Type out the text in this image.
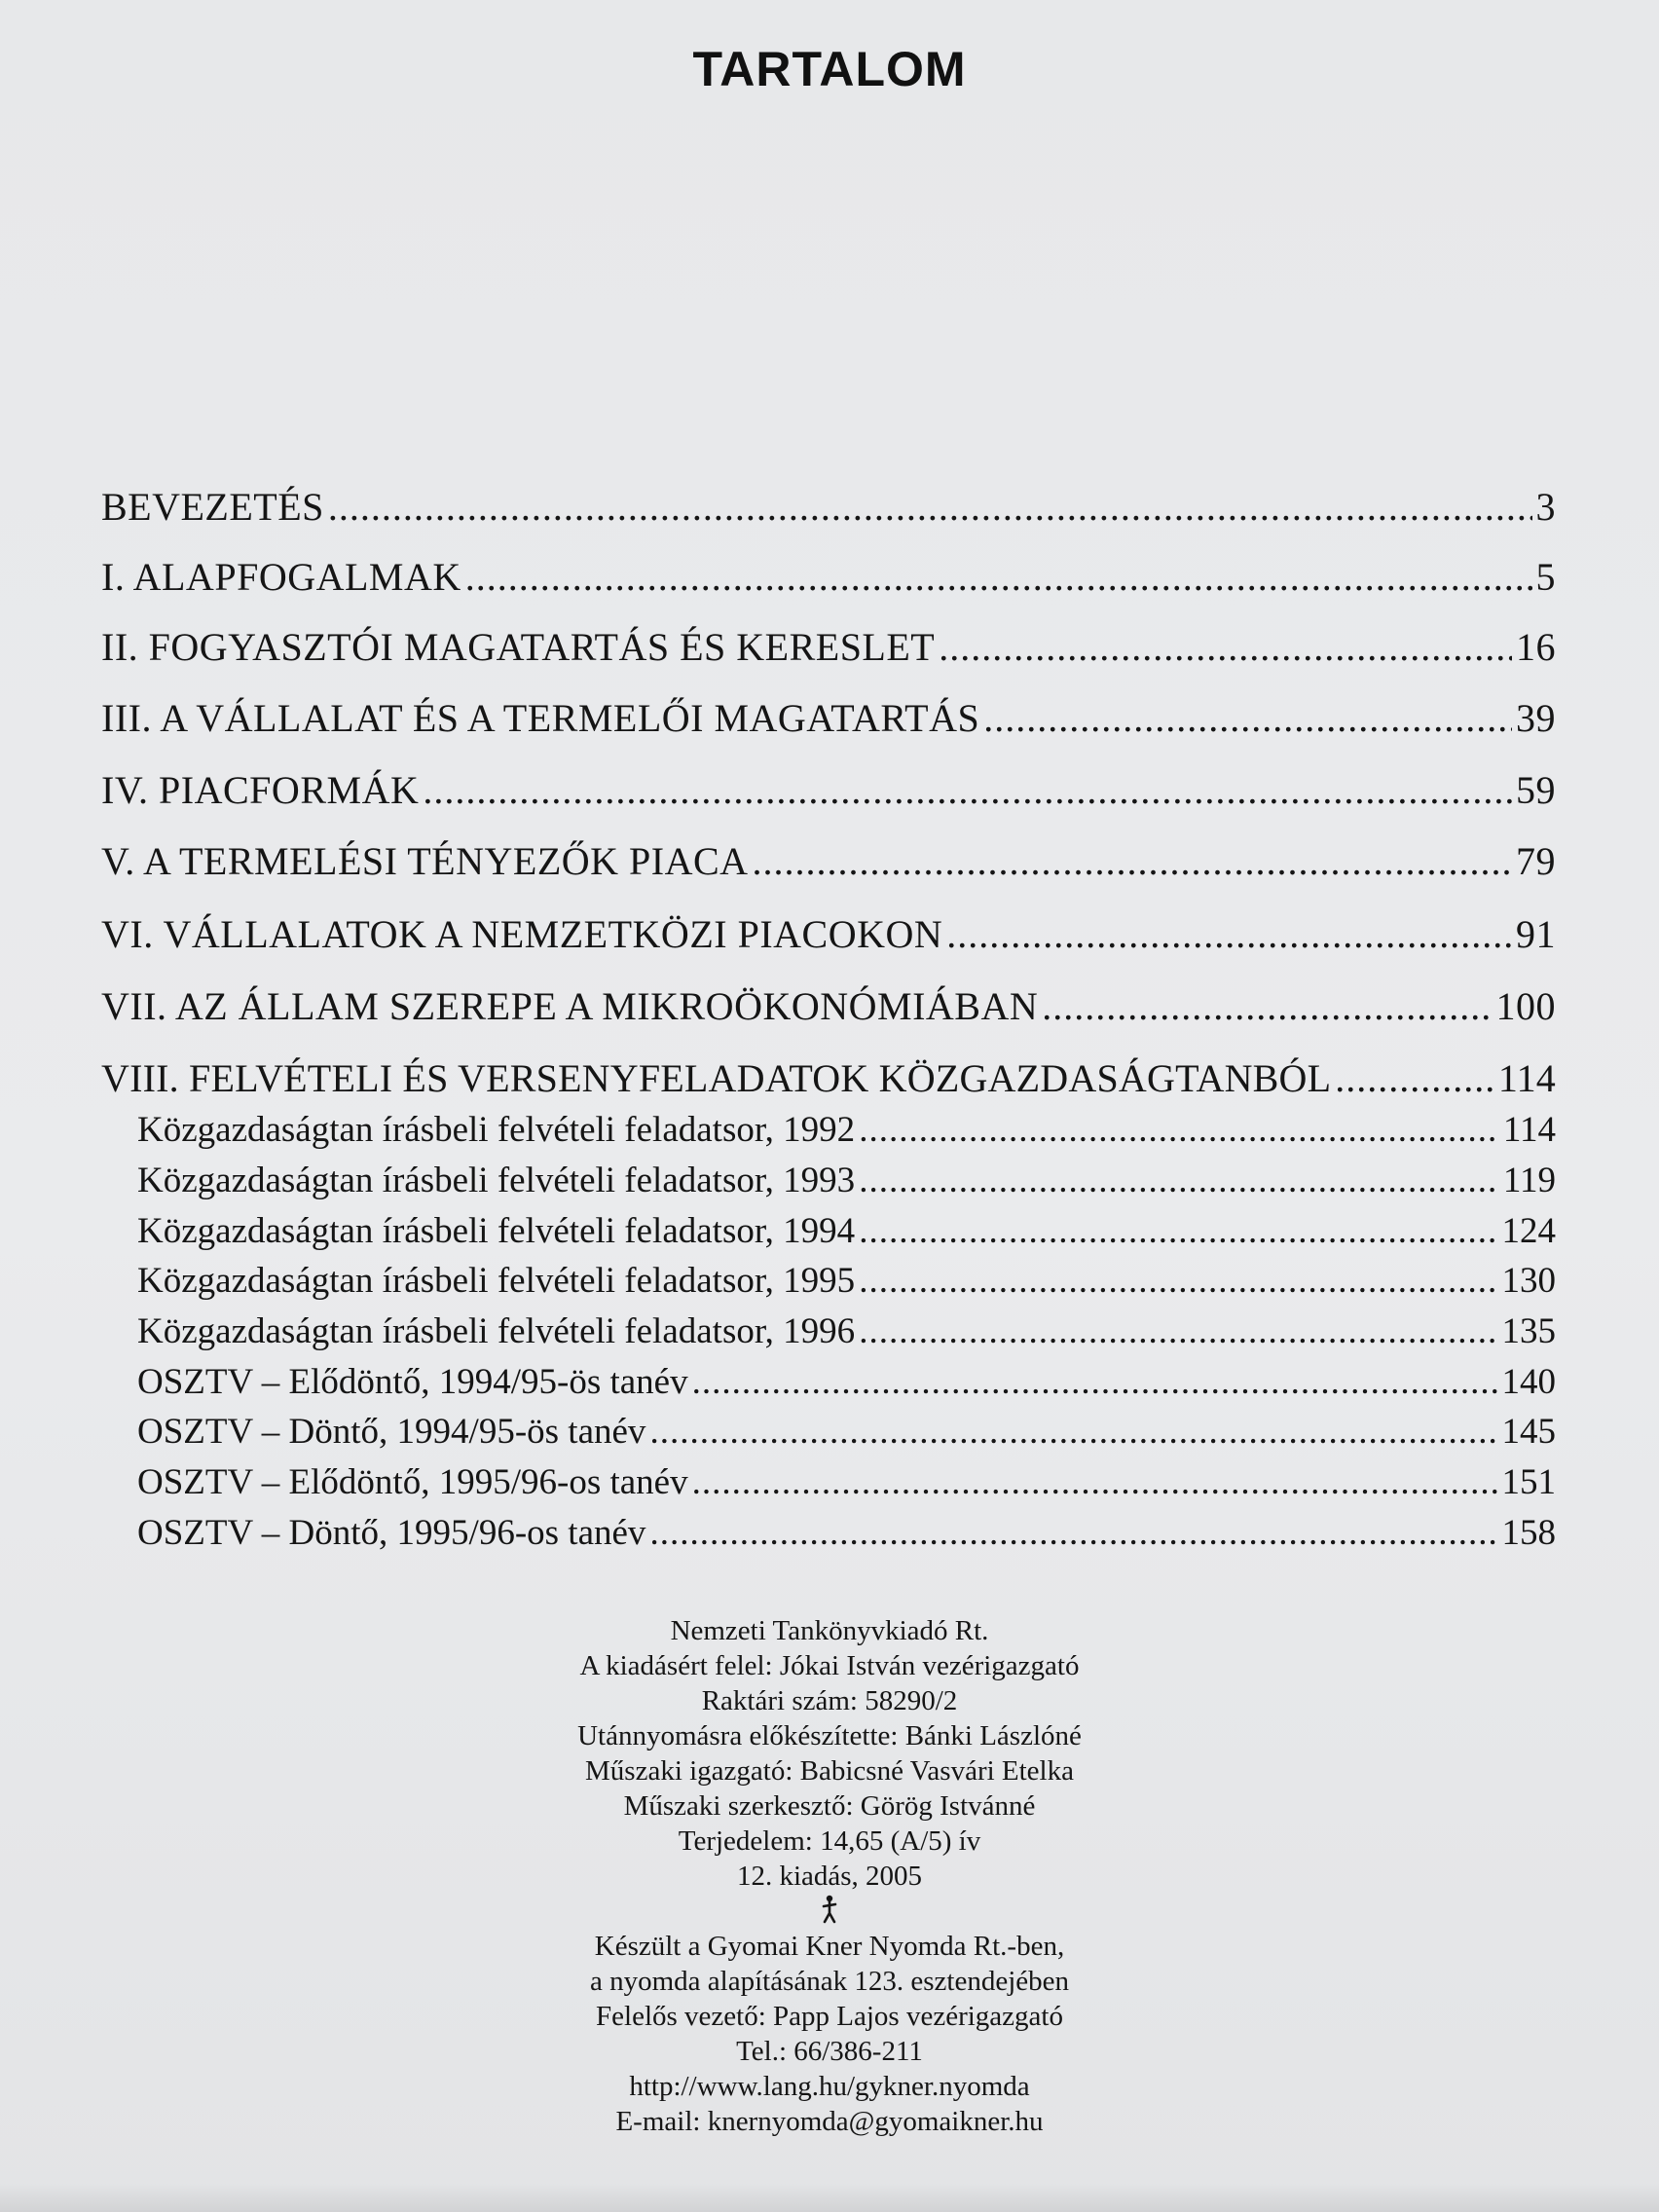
TARTALOM
BEVEZETÉS .....	3
I. ALAPFOGALMAK .....	5
II. FOGYASZTÓI MAGATARTÁS ÉS KERESLET .....	16
III. A VÁLLALAT ÉS A TERMELŐI MAGATARTÁS .....	39
IV. PIACFORMÁK .....	59
V. A TERMELÉSI TÉNYEZŐK PIACA .....	79
VI. VÁLLALATOK A NEMZETKÖZI PIACOKON .....	91
VII. AZ ÁLLAM SZEREPE A MIKROÖKONÓMIÁBAN .....	100
VIII. FELVÉTELI ÉS VERSENYFELADATOK KÖZGAZDASÁGTANBÓL .....	114
Közgazdaságtan írásbeli felvételi feladatsor, 1992 .....	114
Közgazdaságtan írásbeli felvételi feladatsor, 1993 .....	119
Közgazdaságtan írásbeli felvételi feladatsor, 1994 .....	124
Közgazdaságtan írásbeli felvételi feladatsor, 1995 .....	130
Közgazdaságtan írásbeli felvételi feladatsor, 1996 .....	135
OSZTV – Elődöntő, 1994/95-ös tanév .....	140
OSZTV – Döntő, 1994/95-ös tanév .....	145
OSZTV – Elődöntő, 1995/96-os tanév .....	151
OSZTV – Döntő, 1995/96-os tanév .....	158
Nemzeti Tankönyvkiadó Rt.
A kiadásért felel: Jókai István vezérigazgató
Raktári szám: 58290/2
Utánnyomásra előkészítette: Bánki Lászlóné
Műszaki igazgató: Babicsné Vasvári Etelka
Műszaki szerkesztő: Görög Istvánné
Terjedelem: 14,65 (A/5) ív
12. kiadás, 2005
Készült a Gyomai Kner Nyomda Rt.-ben,
a nyomda alapításának 123. esztendejében
Felelős vezető: Papp Lajos vezérigazgató
Tel.: 66/386-211
http://www.lang.hu/gykner.nyomda
E-mail: knernyomda@gyomaikner.hu
